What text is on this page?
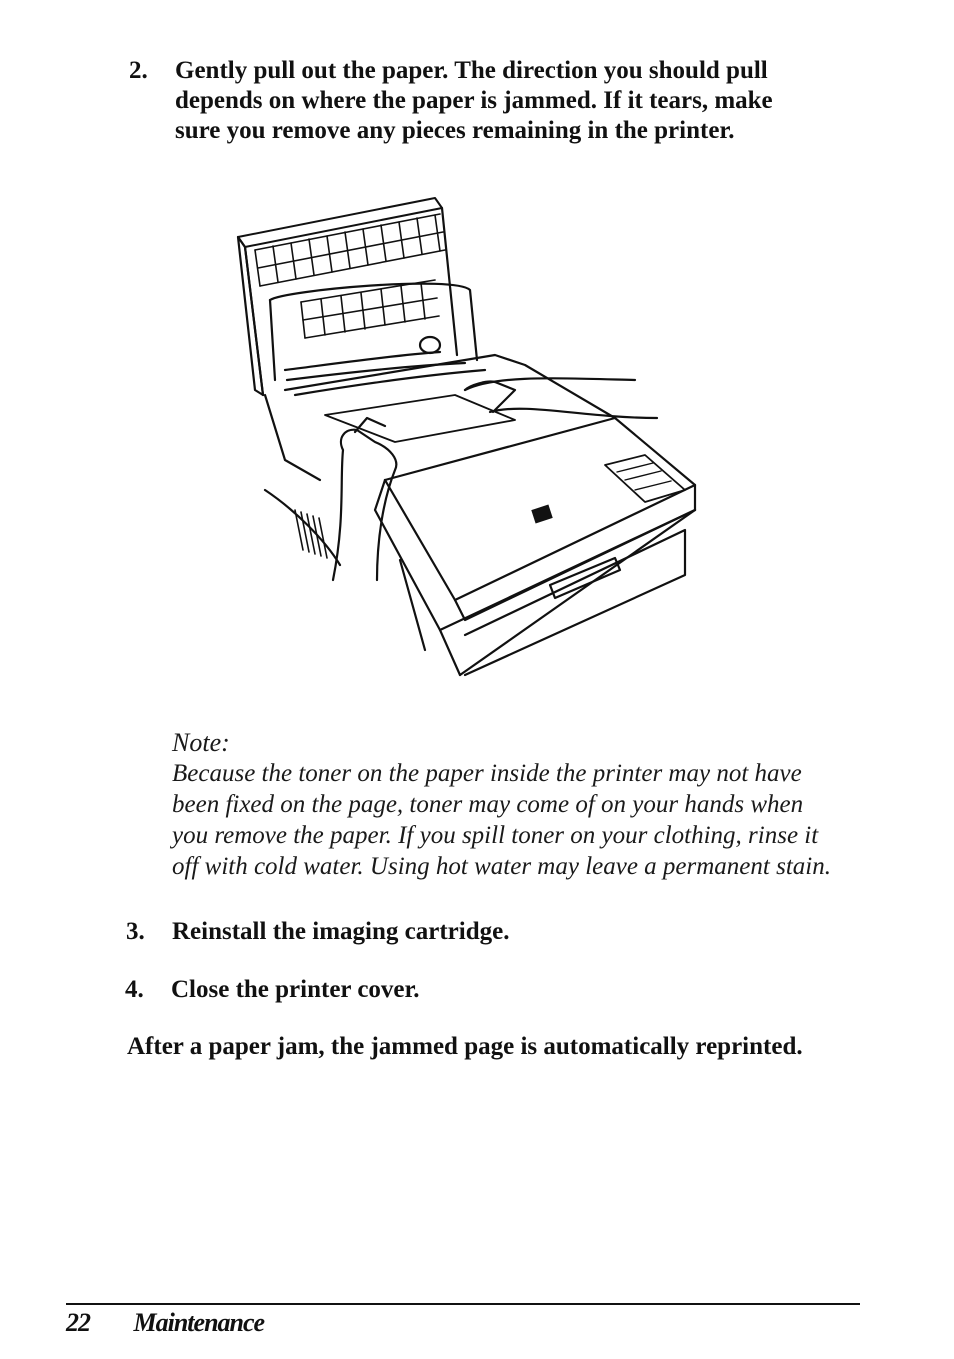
2. Gently pull out the paper. The direction you should pull
depends on where the paper is jammed. If it tears, make
sure you remove any pieces remaining in the printer.
Note:
Because the toner on the paper inside the printer may not have
been fixed on the page, toner may come of on your hands when
you remove the paper. If you spill toner on your clothing, rinse it
off with cold water. Using hot water may leave a permanent stain.
3. Reinstall the imaging cartridge.
4. Close the printer cover.
After a paper jam, the jammed page is automatically reprinted.
22 Maintenance
